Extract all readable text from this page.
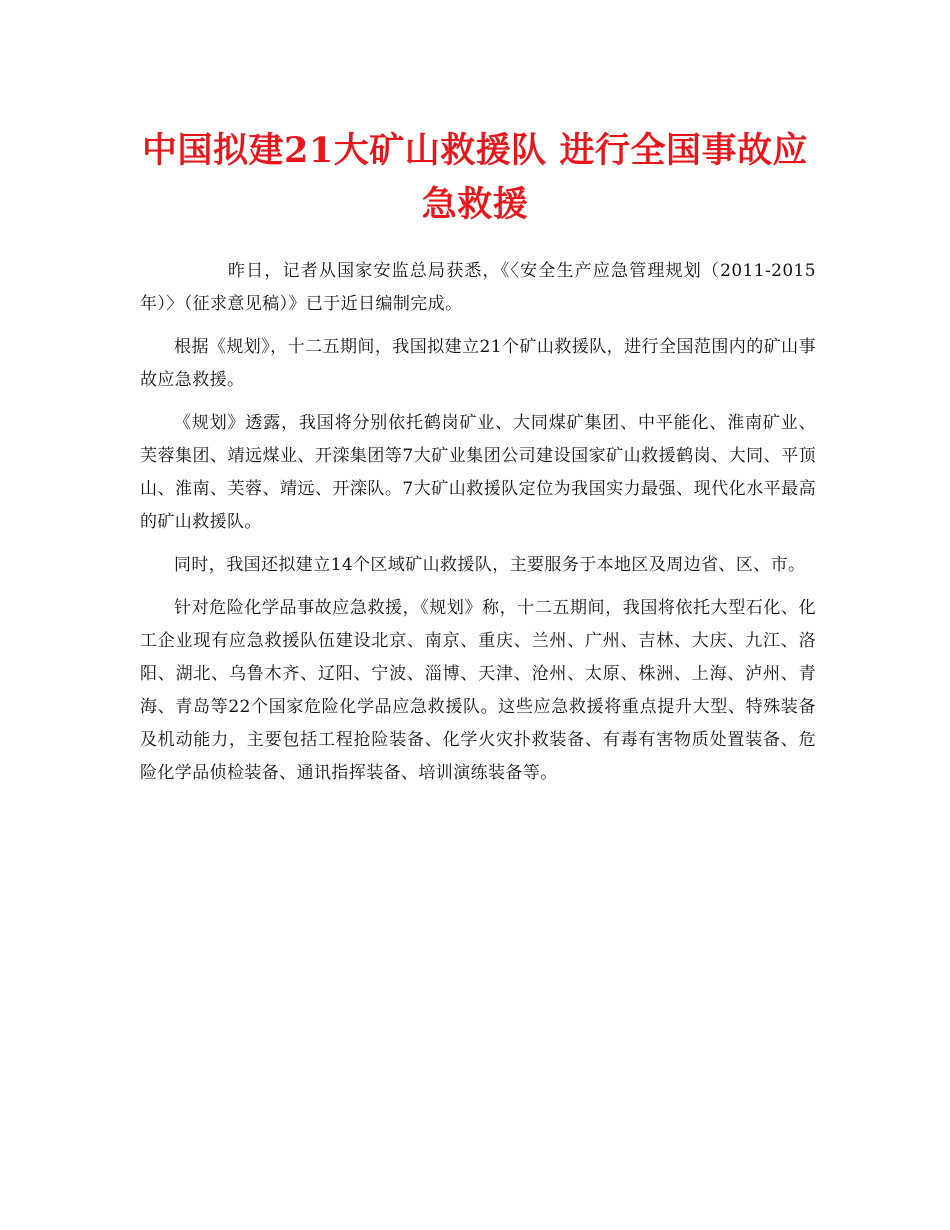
中国拟建21大矿山救援队 进行全国事故应
急救援

昨日，记者从国家安监总局获悉，《〈安全生产应急管理规划（2011-2015年）〉（征求意见稿）》已于近日编制完成。

根据《规划》，十二五期间，我国拟建立21个矿山救援队，进行全国范围内的矿山事故应急救援。

《规划》透露，我国将分别依托鹤岗矿业、大同煤矿集团、中平能化、淮南矿业、芙蓉集团、靖远煤业、开滦集团等7大矿业集团公司建设国家矿山救援鹤岗、大同、平顶山、淮南、芙蓉、靖远、开滦队。7大矿山救援队定位为我国实力最强、现代化水平最高的矿山救援队。

同时，我国还拟建立14个区域矿山救援队，主要服务于本地区及周边省、区、市。

针对危险化学品事故应急救援，《规划》称，十二五期间，我国将依托大型石化、化工企业现有应急救援队伍建设北京、南京、重庆、兰州、广州、吉林、大庆、九江、洛阳、湖北、乌鲁木齐、辽阳、宁波、淄博、天津、沧州、太原、株洲、上海、泸州、青海、青岛等22个国家危险化学品应急救援队。这些应急救援将重点提升大型、特殊装备及机动能力，主要包括工程抢险装备、化学火灾扑救装备、有毒有害物质处置装备、危险化学品侦检装备、通讯指挥装备、培训演练装备等。
